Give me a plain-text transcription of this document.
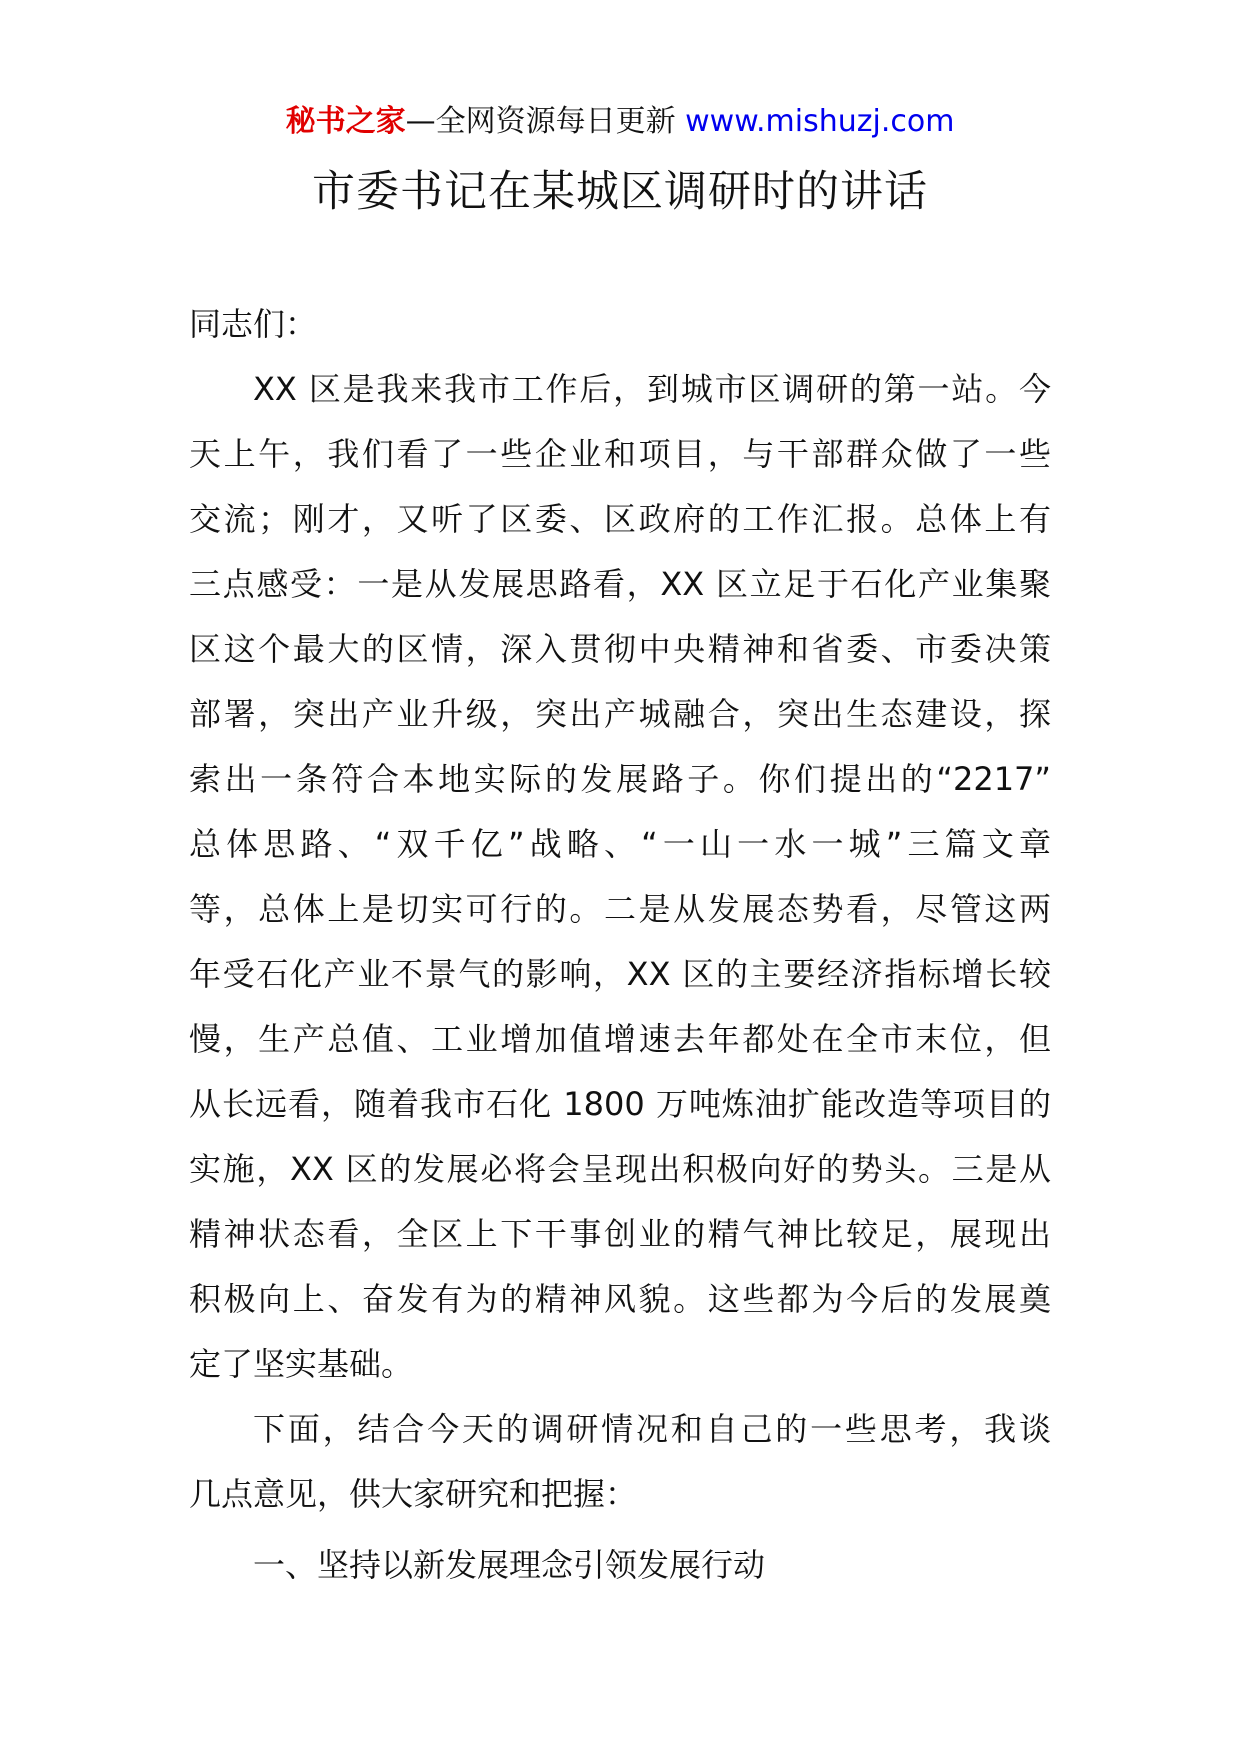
秘书之家—全网资源每日更新 www.mishuzj.com
市委书记在某城区调研时的讲话
同志们：
XX 区是我来我市工作后，到城市区调研的第一站。今
天上午，我们看了一些企业和项目，与干部群众做了一些
交流；刚才，又听了区委、区政府的工作汇报。总体上有
三点感受：一是从发展思路看，XX 区立足于石化产业集聚
区这个最大的区情，深入贯彻中央精神和省委、市委决策
部署，突出产业升级，突出产城融合，突出生态建设，探
索出一条符合本地实际的发展路子。你们提出的“2217”
总体思路、“双千亿”战略、“一山一水一城”三篇文章
等，总体上是切实可行的。二是从发展态势看，尽管这两
年受石化产业不景气的影响，XX 区的主要经济指标增长较
慢，生产总值、工业增加值增速去年都处在全市末位，但
从长远看，随着我市石化 1800 万吨炼油扩能改造等项目的
实施，XX 区的发展必将会呈现出积极向好的势头。三是从
精神状态看，全区上下干事创业的精气神比较足，展现出
积极向上、奋发有为的精神风貌。这些都为今后的发展奠
定了坚实基础。
下面，结合今天的调研情况和自己的一些思考，我谈
几点意见，供大家研究和把握：
一、坚持以新发展理念引领发展行动
